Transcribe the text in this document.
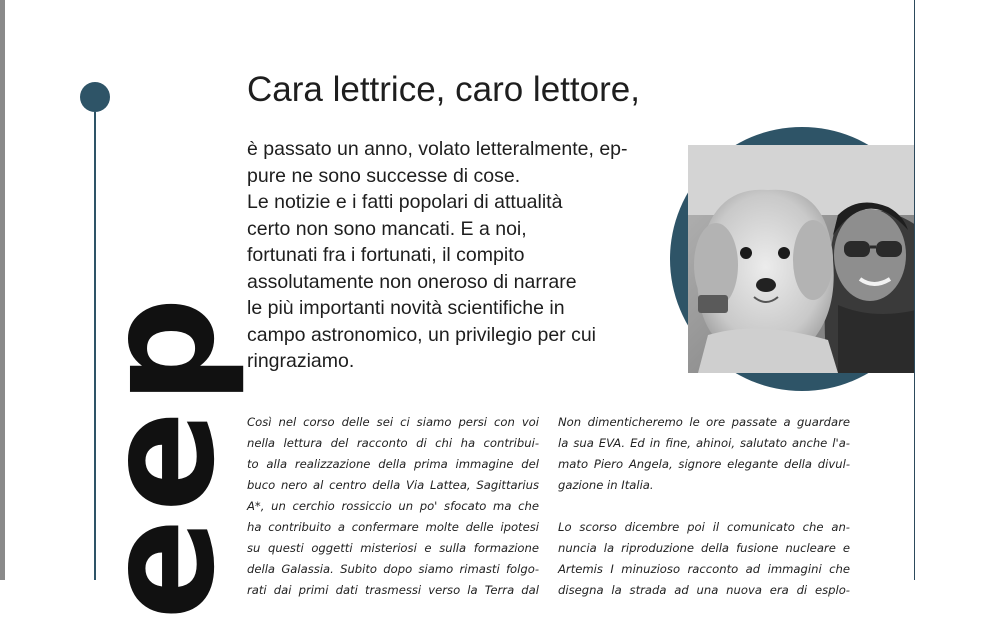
eep
Cara lettrice, caro lettore,

è passato un anno, volato letteralmente, ep-
pure ne sono successe di cose.
Le notizie e i fatti popolari di attualità
certo non sono mancati. E a noi,
fortunati fra i fortunati, il compito
assolutamente non oneroso di narrare
le più importanti novità scientifiche in
campo astronomico, un privilegio per cui
ringraziamo.

Così nel corso delle sei ci siamo persi con voi
nella lettura del racconto di chi ha contribui-
to alla realizzazione della prima immagine del
buco nero al centro della Via Lattea, Sagittarius
A*, un cerchio rossiccio un po' sfocato ma che
ha contribuito a confermare molte delle ipotesi
su questi oggetti misteriosi e sulla formazione
della Galassia. Subito dopo siamo rimasti folgo-
rati dai primi dati trasmessi verso la Terra dal
Non dimenticheremo le ore passate a guardare
la sua EVA. Ed in fine, ahinoi, salutato anche l'a-
mato Piero Angela, signore elegante della divul-
gazione in Italia.
Lo scorso dicembre poi il comunicato che an-
nuncia la riproduzione della fusione nucleare e
Artemis I minuzioso racconto ad immagini che
disegna la strada ad una nuova era di esplo-
